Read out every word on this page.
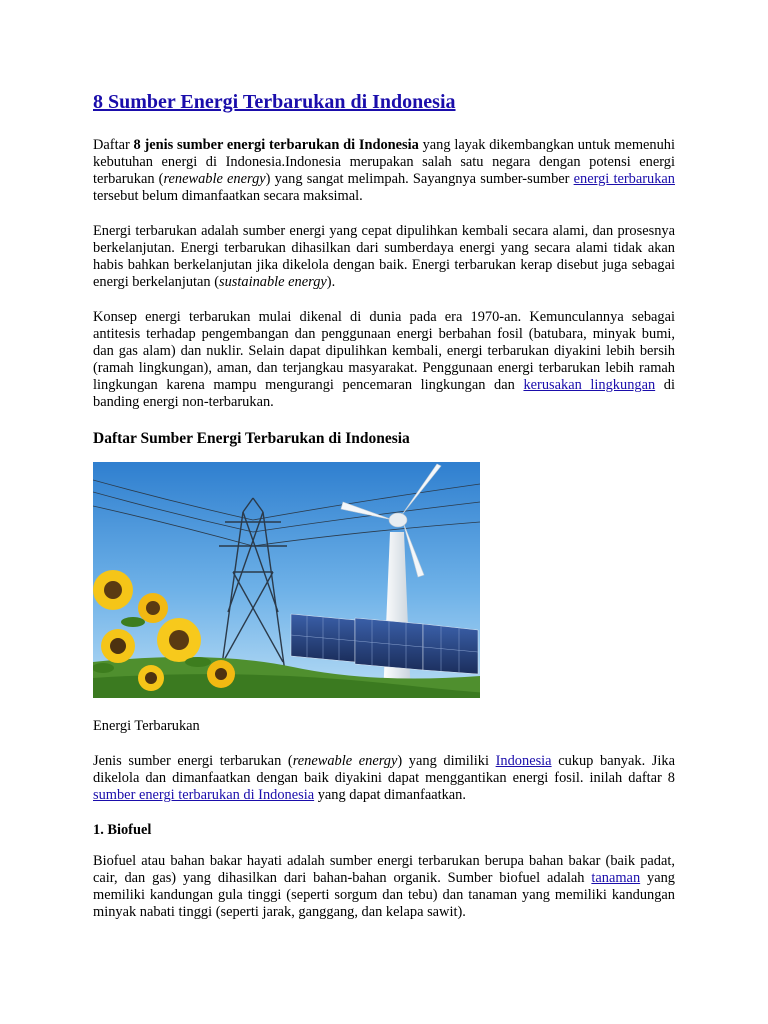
8 Sumber Energi Terbarukan di Indonesia

Daftar 8 jenis sumber energi terbarukan di Indonesia yang layak dikembangkan untuk memenuhi kebutuhan energi di Indonesia.Indonesia merupakan salah satu negara dengan potensi energi terbarukan (renewable energy) yang sangat melimpah. Sayangnya sumber-sumber energi terbarukan tersebut belum dimanfaatkan secara maksimal.

Energi terbarukan adalah sumber energi yang cepat dipulihkan kembali secara alami, dan prosesnya berkelanjutan. Energi terbarukan dihasilkan dari sumberdaya energi yang secara alami tidak akan habis bahkan berkelanjutan jika dikelola dengan baik. Energi terbarukan kerap disebut juga sebagai energi berkelanjutan (sustainable energy).

Konsep energi terbarukan mulai dikenal di dunia pada era 1970-an. Kemunculannya sebagai antitesis terhadap pengembangan dan penggunaan energi berbahan fosil (batubara, minyak bumi, dan gas alam) dan nuklir. Selain dapat dipulihkan kembali, energi terbarukan diyakini lebih bersih (ramah lingkungan), aman, dan terjangkau masyarakat. Penggunaan energi terbarukan lebih ramah lingkungan karena mampu mengurangi pencemaran lingkungan dan kerusakan lingkungan di banding energi non-terbarukan.

Daftar Sumber Energi Terbarukan di Indonesia
Energi Terbarukan

Jenis sumber energi terbarukan (renewable energy) yang dimiliki Indonesia cukup banyak. Jika dikelola dan dimanfaatkan dengan baik diyakini dapat menggantikan energi fosil. inilah daftar 8 sumber energi terbarukan di Indonesia yang dapat dimanfaatkan.

1. Biofuel

Biofuel atau bahan bakar hayati adalah sumber energi terbarukan berupa bahan bakar (baik padat, cair, dan gas) yang dihasilkan dari bahan-bahan organik. Sumber biofuel adalah tanaman yang memiliki kandungan gula tinggi (seperti sorgum dan tebu) dan tanaman yang memiliki kandungan minyak nabati tinggi (seperti jarak, ganggang, dan kelapa sawit).
